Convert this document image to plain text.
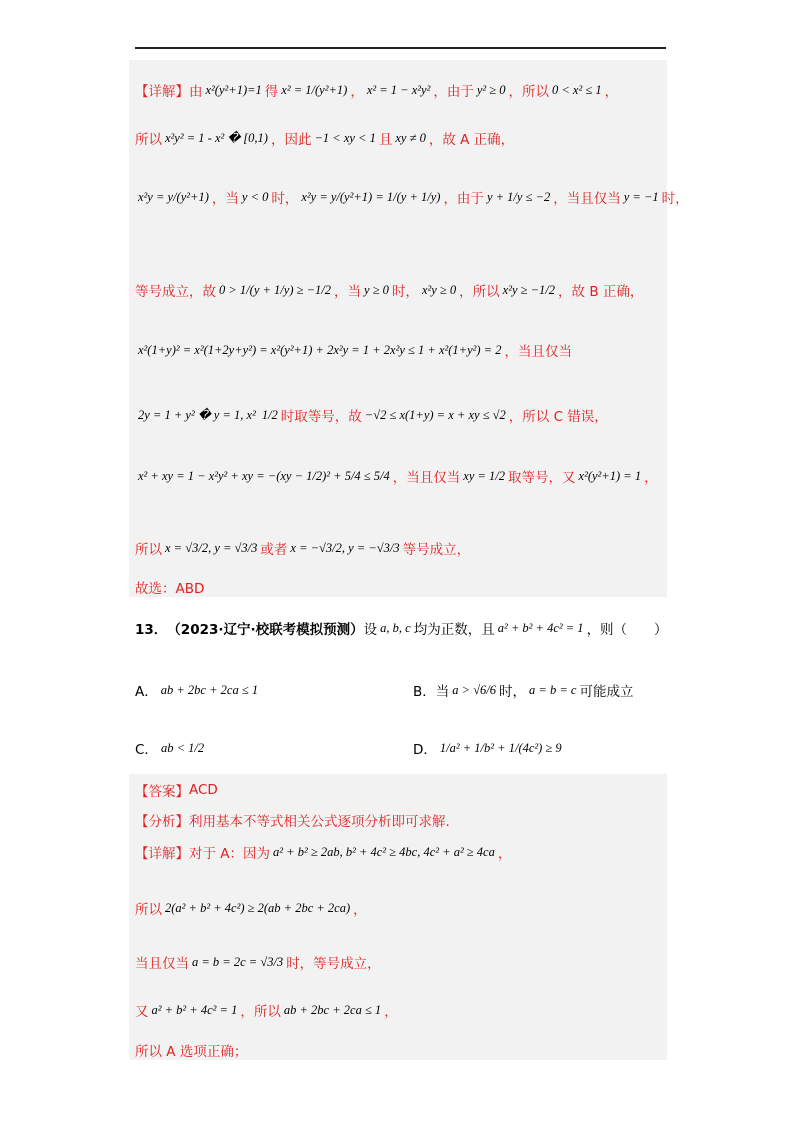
【详解】 由 x²(y²+1)=1 得 x² = 1/(y²+1) ， x² = 1 − x²y² ，由于 y² ≥ 0 ，所以 0 < x² ≤ 1 ，
所以 x²y² = 1 - x² � [0,1) ，因此 −1 < xy < 1 且 xy ≠ 0 ，故 A 正确，
x²y = y/(y²+1) ，当 y < 0 时， x²y = y/(y²+1) = 1/(y + 1/y) ，由于 y + 1/y ≤ −2 ，当且仅当 y = −1 时，
等号成立，故 0 > 1/(y + 1/y) ≥ −1/2 ，当 y ≥ 0 时， x²y ≥ 0 ，所以 x²y ≥ −1/2 ，故 B 正确，
x²(1+y)² = x²(1+2y+y²) = x²(y²+1) + 2x²y = 1 + 2x²y ≤ 1 + x²(1+y²) = 2 ，当且仅当
2y = 1 + y² � y = 1, x² 1/2 时取等号，故 −√2 ≤ x(1+y) = x + xy ≤ √2 ，所以 C 错误，
x² + xy = 1 − x²y² + xy = −(xy − 1/2)² + 5/4 ≤ 5/4 ，当且仅当 xy = 1/2 取等号，又 x²(y²+1) = 1 ，
所以 x = √3/2, y = √3/3 或者 x = −√3/2, y = −√3/3 等号成立，
故选：ABD
13． （2023·辽宁·校联考模拟预测） 设 a, b, c 均为正数，且 a² + b² + 4c² = 1 ，则（　　）
A． ab + 2bc + 2ca ≤ 1	B． 当 a > √6/6 时， a = b = c 可能成立
C． ab < 1/2	D． 1/a² + 1/b² + 1/(4c²) ≥ 9
【答案】 ACD
【分析】 利用基本不等式相关公式逐项分析即可求解.
【详解】 对于 A：因为 a² + b² ≥ 2ab, b² + 4c² ≥ 4bc, 4c² + a² ≥ 4ca ，
所以 2(a² + b² + 4c²) ≥ 2(ab + 2bc + 2ca) ，
当且仅当 a = b = 2c = √3/3 时，等号成立，
又 a² + b² + 4c² = 1 ，所以 ab + 2bc + 2ca ≤ 1 ，
所以 A 选项正确；
